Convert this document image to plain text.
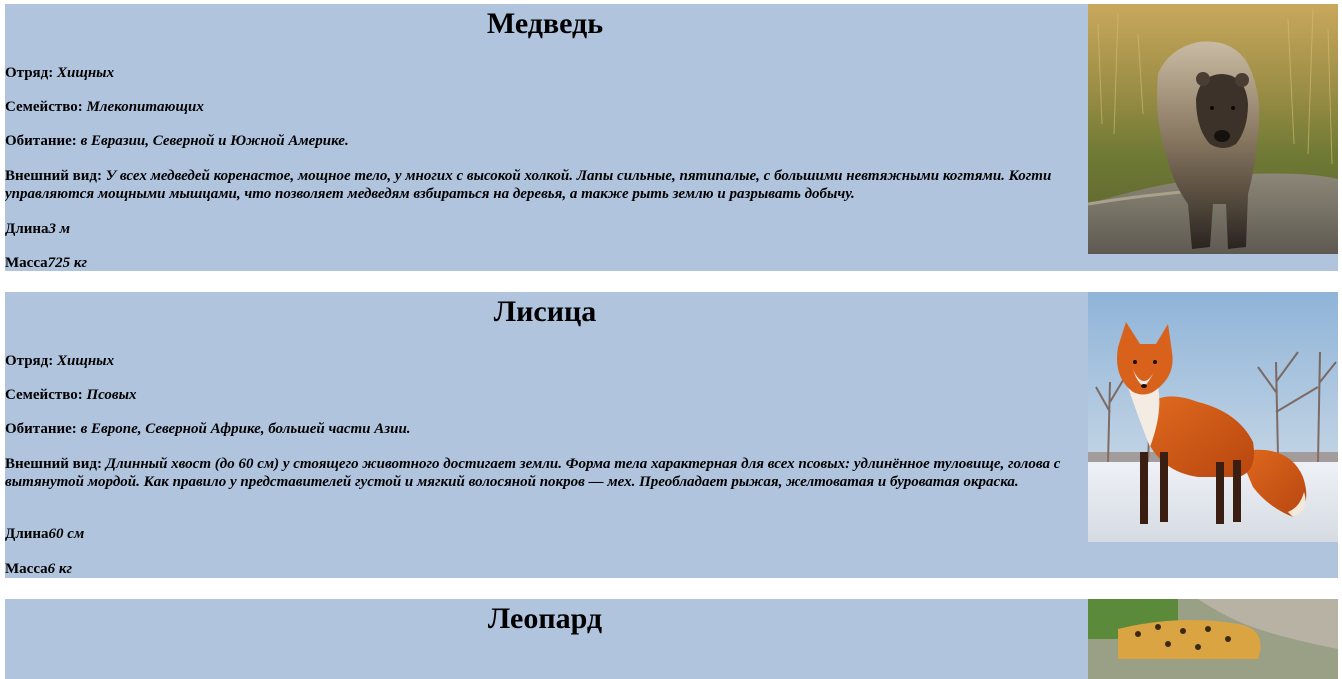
Медведь
Отряд: Хищных
Семейство: Млекопитающих
Обитание: в Евразии, Северной и Южной Америке.
Внешний вид: У всех медведей коренастое, мощное тело, у многих с высокой холкой. Лапы сильные, пятипалые, с большими невтяжными когтями. Когти управляются мощными мышцами, что позволяет медведям взбираться на деревья, а также рыть землю и разрывать добычу.
Длина3 м
Масса725 кг
Лисица
Отряд: Хищных
Семейство: Псовых
Обитание: в Европе, Северной Африке, большей части Азии.
Внешний вид: Длинный хвост (до 60 см) у стоящего животного достигает земли. Форма тела характерная для всех псовых: удлинённое туловище, голова с вытянутой мордой. Как правило у представителей густой и мягкий волосяной покров — мех. Преобладает рыжая, желтоватая и буроватая окраска.
Длина60 см
Масса6 кг
Леопард
